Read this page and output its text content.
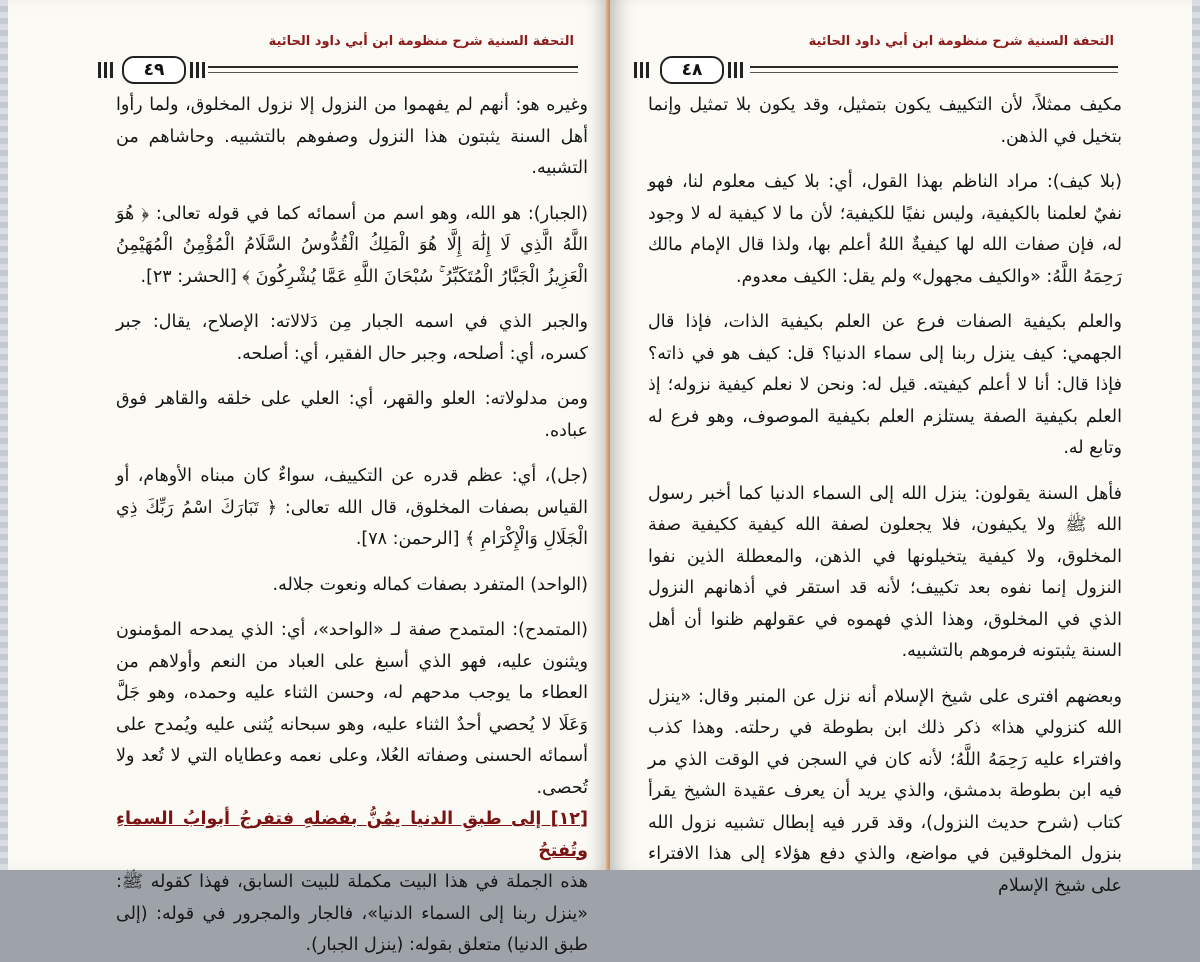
٤٩
التحفة السنية شرح منظومة ابن أبي داود الحائية

وغيره هو: أنهم لم يفهموا من النزول إلا نزول المخلوق، ولما رأوا أهل السنة يثبتون هذا النزول وصفوهم بالتشبيه. وحاشاهم من التشبيه.

(الجبار): هو الله، وهو اسم من أسمائه كما في قوله تعالى: ﴿ هُوَ اللَّهُ الَّذِي لَا إِلَٰهَ إِلَّا هُوَ الْمَلِكُ الْقُدُّوسُ السَّلَامُ الْمُؤْمِنُ الْمُهَيْمِنُ الْعَزِيزُ الْجَبَّارُ الْمُتَكَبِّرُ ۚ سُبْحَانَ اللَّهِ عَمَّا يُشْرِكُونَ ﴾ [الحشر: ٢٣].

والجبر الذي في اسمه الجبار مِن دَلالاته: الإصلاح، يقال: جبر كسره، أي: أصلحه، وجبر حال الفقير، أي: أصلحه.

ومن مدلولاته: العلو والقهر، أي: العلي على خلقه والقاهر فوق عباده.

(جل)، أي: عظم قدره عن التكييف، سواءٌ كان مبناه الأوهام، أو القياس بصفات المخلوق، قال الله تعالى: ﴿ تَبَارَكَ اسْمُ رَبِّكَ ذِي الْجَلَالِ وَالْإِكْرَامِ ﴾ [الرحمن: ٧٨].

(الواحد) المتفرد بصفات كماله ونعوت جلاله.

(المتمدح): المتمدح صفة لـ «الواحد»، أي: الذي يمدحه المؤمنون ويثنون عليه، فهو الذي أسبغ على العباد من النعم وأولاهم من العطاء ما يوجب مدحهم له، وحسن الثناء عليه وحمده، وهو جَلَّ وَعَلَا لا يُحصي أحدٌ الثناء عليه، وهو سبحانه يُثنى عليه ويُمدح على أسمائه الحسنى وصفاته العُلا، وعلى نعمه وعطاياه التي لا تُعد ولا تُحصى.

[١٢] إلى طبقِ الدنيا يمُنُّ بفضلهِ فتفرجُ أبوابُ السماءِ وتُفتحُ

هذه الجملة في هذا البيت مكملة للبيت السابق، فهذا كقوله ﷺ: «ينزل ربنا إلى السماء الدنيا»، فالجار والمجرور في قوله: (إلى طبق الدنيا) متعلق بقوله: (ينزل الجبار).

٤٨
التحفة السنية شرح منظومة ابن أبي داود الحائية

مكيف ممثلاً، لأن التكييف يكون بتمثيل، وقد يكون بلا تمثيل وإنما بتخيل في الذهن.

(بلا كيف): مراد الناظم بهذا القول، أي: بلا كيف معلوم لنا، فهو نفيٌ لعلمنا بالكيفية، وليس نفيًا للكيفية؛ لأن ما لا كيفية له لا وجود له، فإن صفات الله لها كيفيةٌ اللهُ أعلم بها، ولذا قال الإمام مالك رَحِمَهُ اللَّهُ: «والكيف مجهول» ولم يقل: الكيف معدوم.

والعلم بكيفية الصفات فرع عن العلم بكيفية الذات، فإذا قال الجهمي: كيف ينزل ربنا إلى سماء الدنيا؟ قل: كيف هو في ذاته؟ فإذا قال: أنا لا أعلم كيفيته. قيل له: ونحن لا نعلم كيفية نزوله؛ إذ العلم بكيفية الصفة يستلزم العلم بكيفية الموصوف، وهو فرع له وتابع له.

فأهل السنة يقولون: ينزل الله إلى السماء الدنيا كما أخبر رسول الله ﷺ ولا يكيفون، فلا يجعلون لصفة الله كيفية ككيفية صفة المخلوق، ولا كيفية يتخيلونها في الذهن، والمعطلة الذين نفوا النزول إنما نفوه بعد تكييف؛ لأنه قد استقر في أذهانهم النزول الذي في المخلوق، وهذا الذي فهموه في عقولهم ظنوا أن أهل السنة يثبتونه فرموهم بالتشبيه.

وبعضهم افترى على شيخ الإسلام أنه نزل عن المنبر وقال: «ينزل الله كنزولي هذا» ذكر ذلك ابن بطوطة في رحلته. وهذا كذب وافتراء عليه رَحِمَهُ اللَّهُ؛ لأنه كان في السجن في الوقت الذي مر فيه ابن بطوطة بدمشق، والذي يريد أن يعرف عقيدة الشيخ يقرأ كتاب (شرح حديث النزول)، وقد قرر فيه إبطال تشبيه نزول الله بنزول المخلوقين في مواضع، والذي دفع هؤلاء إلى هذا الافتراء على شيخ الإسلام
